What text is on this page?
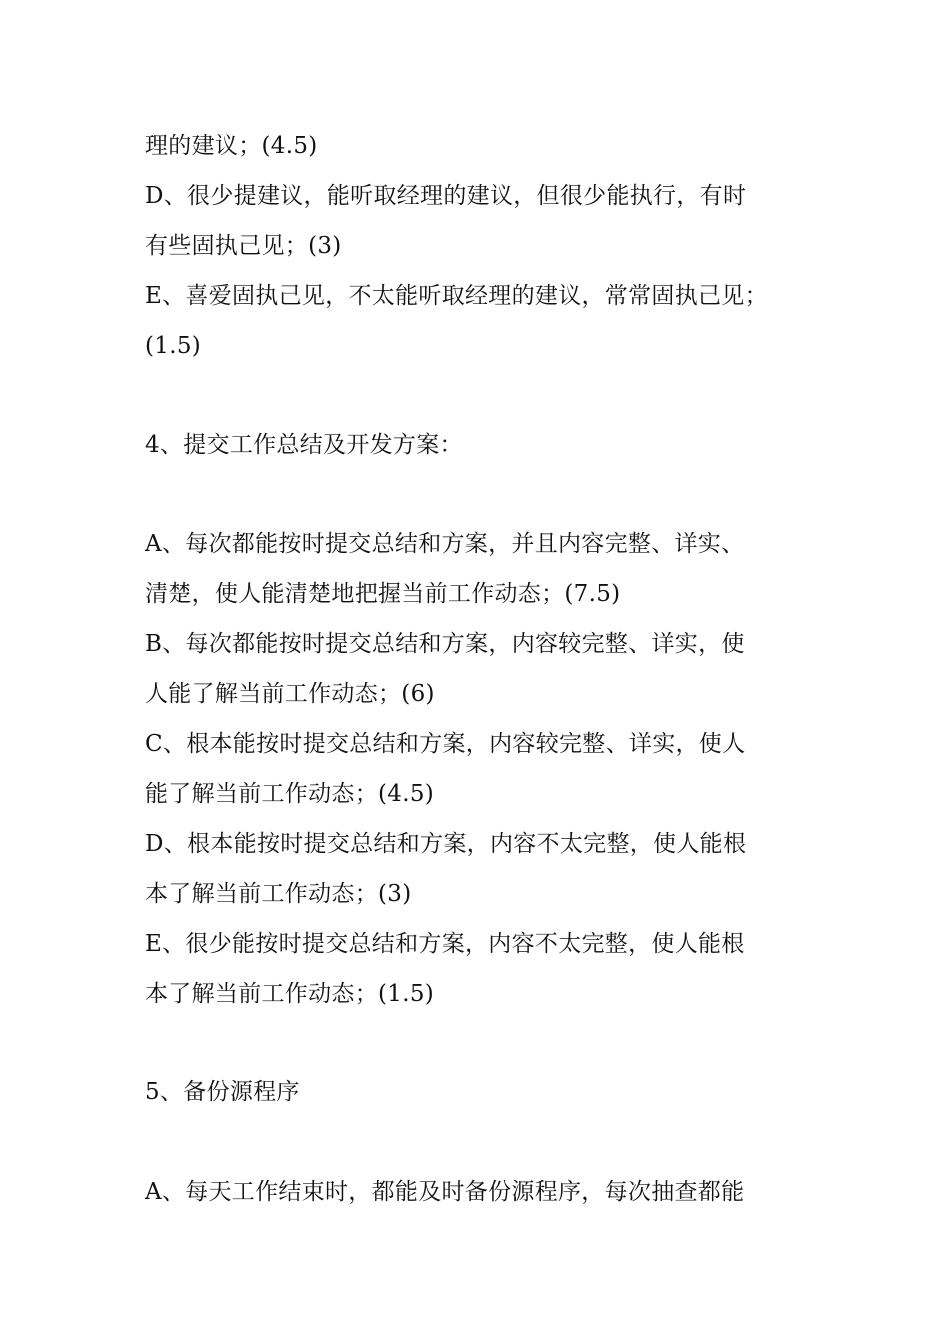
理的建议；(4.5)
D、很少提建议，能听取经理的建议，但很少能执行，有时
有些固执己见；(3)
E、喜爱固执己见，不太能听取经理的建议，常常固执己见；
(1.5)
4、提交工作总结及开发方案：
A、每次都能按时提交总结和方案，并且内容完整、详实、
清楚，使人能清楚地把握当前工作动态；(7.5)
B、每次都能按时提交总结和方案，内容较完整、详实，使
人能了解当前工作动态；(6)
C、根本能按时提交总结和方案，内容较完整、详实，使人
能了解当前工作动态；(4.5)
D、根本能按时提交总结和方案，内容不太完整，使人能根
本了解当前工作动态；(3)
E、很少能按时提交总结和方案，内容不太完整，使人能根
本了解当前工作动态；(1.5)
5、备份源程序
A、每天工作结束时，都能及时备份源程序，每次抽查都能
